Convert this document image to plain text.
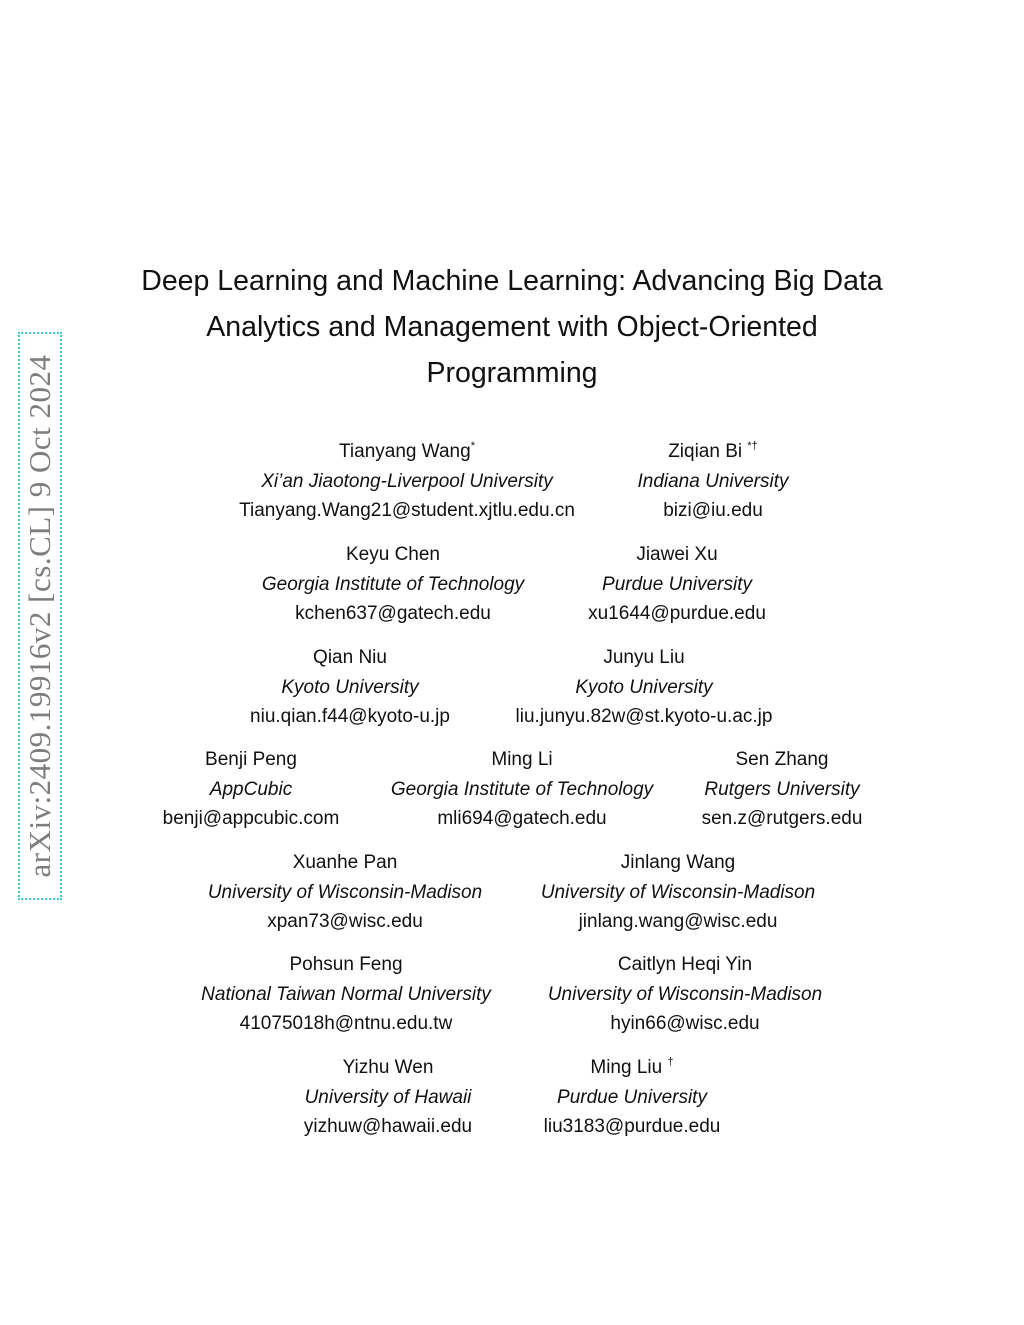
arXiv:2409.19916v2 [cs.CL] 9 Oct 2024
Deep Learning and Machine Learning: Advancing Big Data Analytics and Management with Object-Oriented Programming
Tianyang Wang*
Xi’an Jiaotong-Liverpool University
Tianyang.Wang21@student.xjtlu.edu.cn
Ziqian Bi *†
Indiana University
bizi@iu.edu
Keyu Chen
Georgia Institute of Technology
kchen637@gatech.edu
Jiawei Xu
Purdue University
xu1644@purdue.edu
Qian Niu
Kyoto University
niu.qian.f44@kyoto-u.jp
Junyu Liu
Kyoto University
liu.junyu.82w@st.kyoto-u.ac.jp
Benji Peng
AppCubic
benji@appcubic.com
Ming Li
Georgia Institute of Technology
mli694@gatech.edu
Sen Zhang
Rutgers University
sen.z@rutgers.edu
Xuanhe Pan
University of Wisconsin-Madison
xpan73@wisc.edu
Jinlang Wang
University of Wisconsin-Madison
jinlang.wang@wisc.edu
Pohsun Feng
National Taiwan Normal University
41075018h@ntnu.edu.tw
Caitlyn Heqi Yin
University of Wisconsin-Madison
hyin66@wisc.edu
Yizhu Wen
University of Hawaii
yizhuw@hawaii.edu
Ming Liu †
Purdue University
liu3183@purdue.edu
